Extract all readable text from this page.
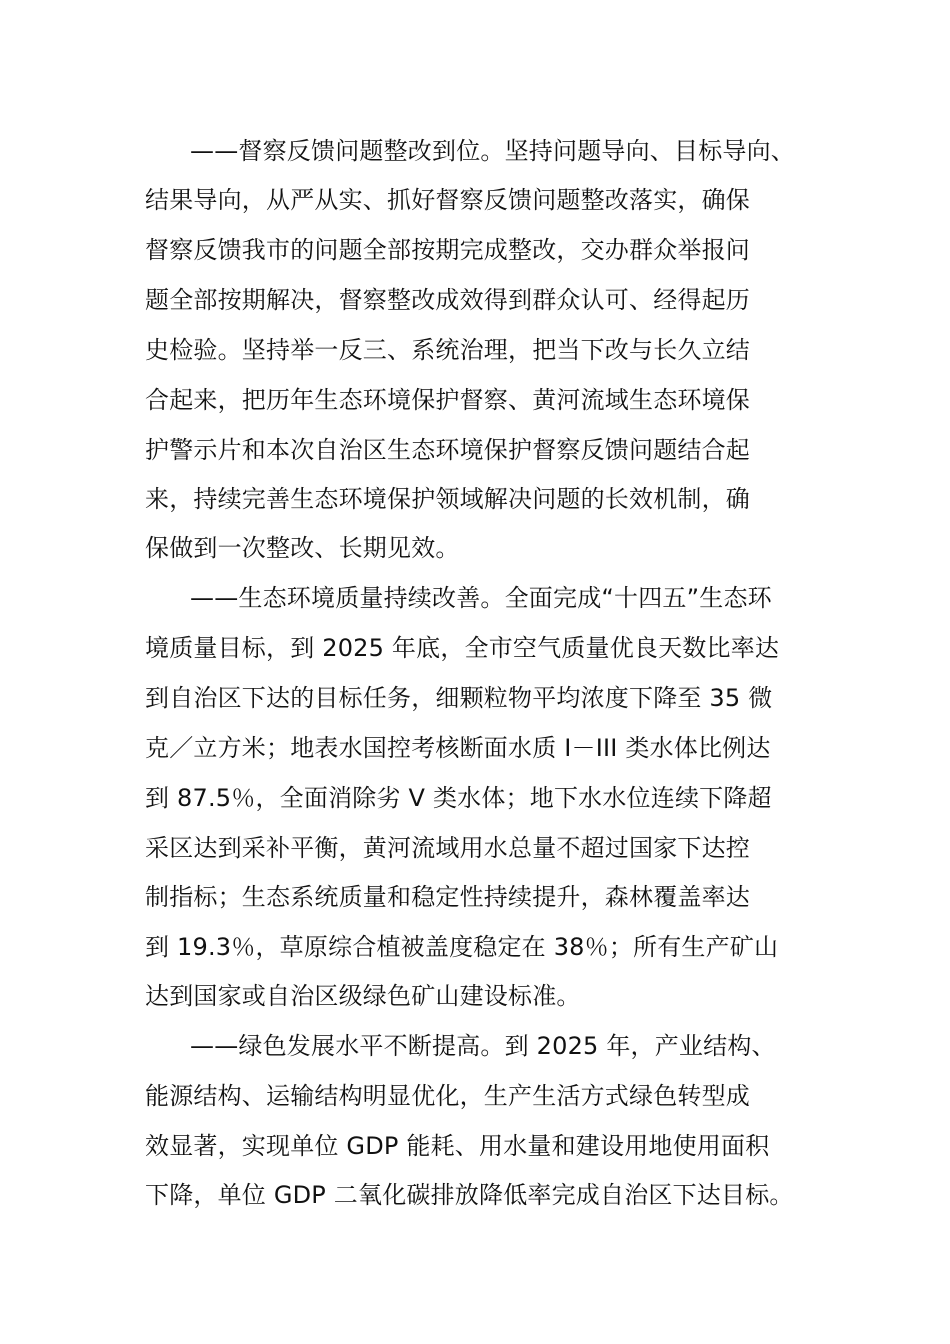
——督察反馈问题整改到位。坚持问题导向、目标导向、
结果导向，从严从实、抓好督察反馈问题整改落实，确保
督察反馈我市的问题全部按期完成整改，交办群众举报问
题全部按期解决，督察整改成效得到群众认可、经得起历
史检验。坚持举一反三、系统治理，把当下改与长久立结
合起来，把历年生态环境保护督察、黄河流域生态环境保
护警示片和本次自治区生态环境保护督察反馈问题结合起
来，持续完善生态环境保护领域解决问题的长效机制，确
保做到一次整改、长期见效。
——生态环境质量持续改善。全面完成“十四五”生态环
境质量目标，到 2025 年底，全市空气质量优良天数比率达
到自治区下达的目标任务，细颗粒物平均浓度下降至 35 微
克／立方米；地表水国控考核断面水质 I－III 类水体比例达
到 87.5％，全面消除劣 V 类水体；地下水水位连续下降超
采区达到采补平衡，黄河流域用水总量不超过国家下达控
制指标；生态系统质量和稳定性持续提升，森林覆盖率达
到 19.3％，草原综合植被盖度稳定在 38％；所有生产矿山
达到国家或自治区级绿色矿山建设标准。
——绿色发展水平不断提高。到 2025 年，产业结构、
能源结构、运输结构明显优化，生产生活方式绿色转型成
效显著，实现单位 GDP 能耗、用水量和建设用地使用面积
下降，单位 GDP 二氧化碳排放降低率完成自治区下达目标。
